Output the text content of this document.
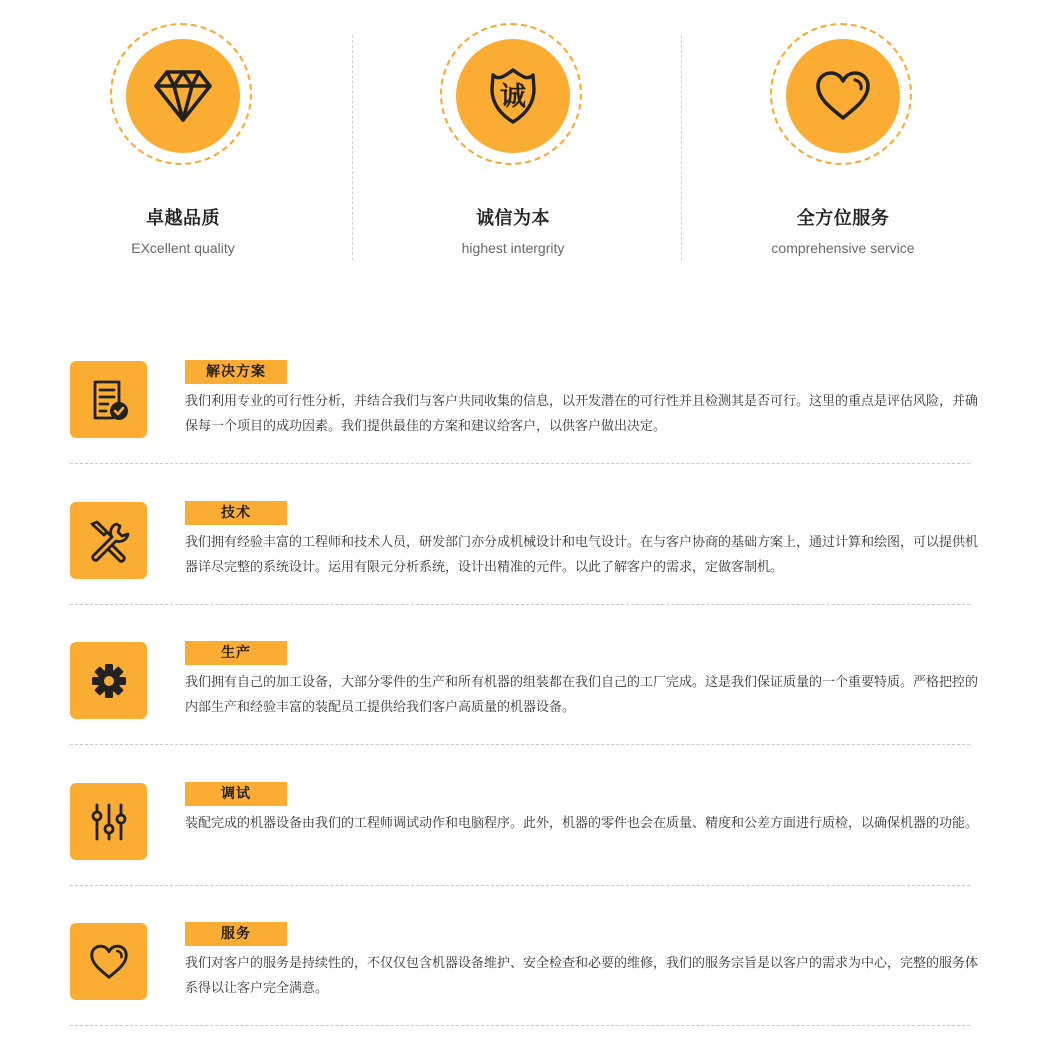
卓越品质
EXcellent quality
诚
诚信为本
highest intergrity
全方位服务
comprehensive service
解决方案

我们利用专业的可行性分析，并结合我们与客户共同收集的信息，以开发潜在的可行性并且检测其是否可行。这里的重点是评估风险，并确保每一个项目的成功因素。我们提供最佳的方案和建议给客户，以供客户做出决定。

技术

我们拥有经验丰富的工程师和技术人员，研发部门亦分成机械设计和电气设计。在与客户协商的基础方案上，通过计算和绘图，可以提供机器详尽完整的系统设计。运用有限元分析系统，设计出精准的元件。以此了解客户的需求，定做客制机。

生产

我们拥有自己的加工设备，大部分零件的生产和所有机器的组装都在我们自己的工厂完成。这是我们保证质量的一个重要特质。严格把控的内部生产和经验丰富的装配员工提供给我们客户高质量的机器设备。

调试

装配完成的机器设备由我们的工程师调试动作和电脑程序。此外，机器的零件也会在质量、精度和公差方面进行质检，以确保机器的功能。

服务

我们对客户的服务是持续性的，不仅仅包含机器设备维护、安全检查和必要的维修，我们的服务宗旨是以客户的需求为中心，完整的服务体系得以让客户完全满意。
